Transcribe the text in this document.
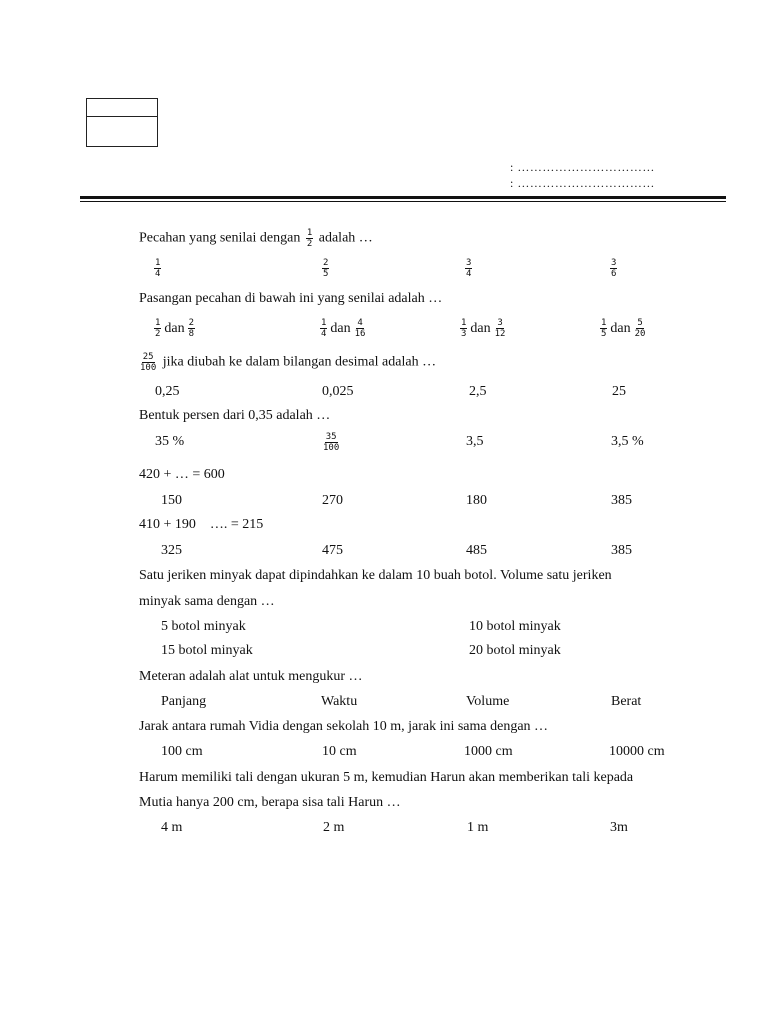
: ……………………………
: ……………………………
Pecahan yang senilai dengan $\frac{1}{2}$ adalah …
$\frac{1}{4}$	$\frac{2}{5}$	$\frac{3}{4}$	$\frac{3}{6}$
Pasangan pecahan di bawah ini yang senilai adalah …
$\frac{1}{2}$ dan $\frac{2}{8}$	$\frac{1}{4}$ dan $\frac{4}{16}$	$\frac{1}{3}$ dan $\frac{3}{12}$	$\frac{1}{5}$ dan $\frac{5}{20}$
$\frac{25}{100}$ jika diubah ke dalam bilangan desimal adalah …
0,25	0,025	2,5	25
Bentuk persen dari 0,35 adalah …
35 %	$\frac{35}{100}$	3,5	3,5 %
420 + … = 600
150	270	180	385
410 + 190    …. = 215
325	475	485	385
Satu jeriken minyak dapat dipindahkan ke dalam 10 buah botol. Volume satu jeriken
minyak sama dengan …
5 botol minyak	10 botol minyak
15 botol minyak	20 botol minyak
Meteran adalah alat untuk mengukur …
Panjang	Waktu	Volume	Berat
Jarak antara rumah Vidia dengan sekolah 10 m, jarak ini sama dengan …
100 cm	10 cm	1000 cm	10000 cm
Harum memiliki tali dengan ukuran 5 m, kemudian Harun akan memberikan tali kepada
Mutia hanya 200 cm, berapa sisa tali Harun …
4 m	2 m	1 m	3m
